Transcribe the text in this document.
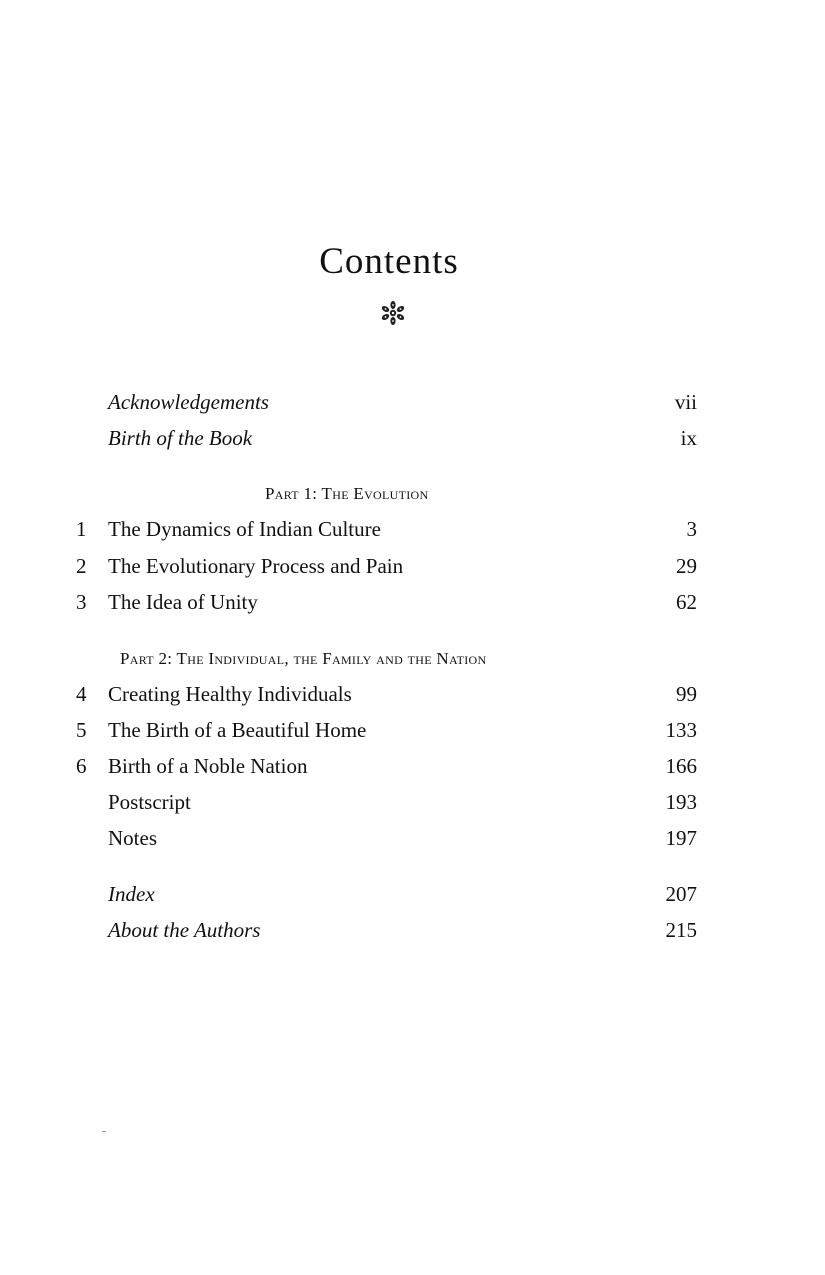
Contents
Acknowledgements	vii
Birth of the Book	ix
Part 1: The Evolution
1	The Dynamics of Indian Culture	3
2	The Evolutionary Process and Pain	29
3	The Idea of Unity	62
Part 2: The Individual, the Family and the Nation
4	Creating Healthy Individuals	99
5	The Birth of a Beautiful Home	133
6	Birth of a Noble Nation	166
Postscript	193
Notes	197
Index	207
About the Authors	215
